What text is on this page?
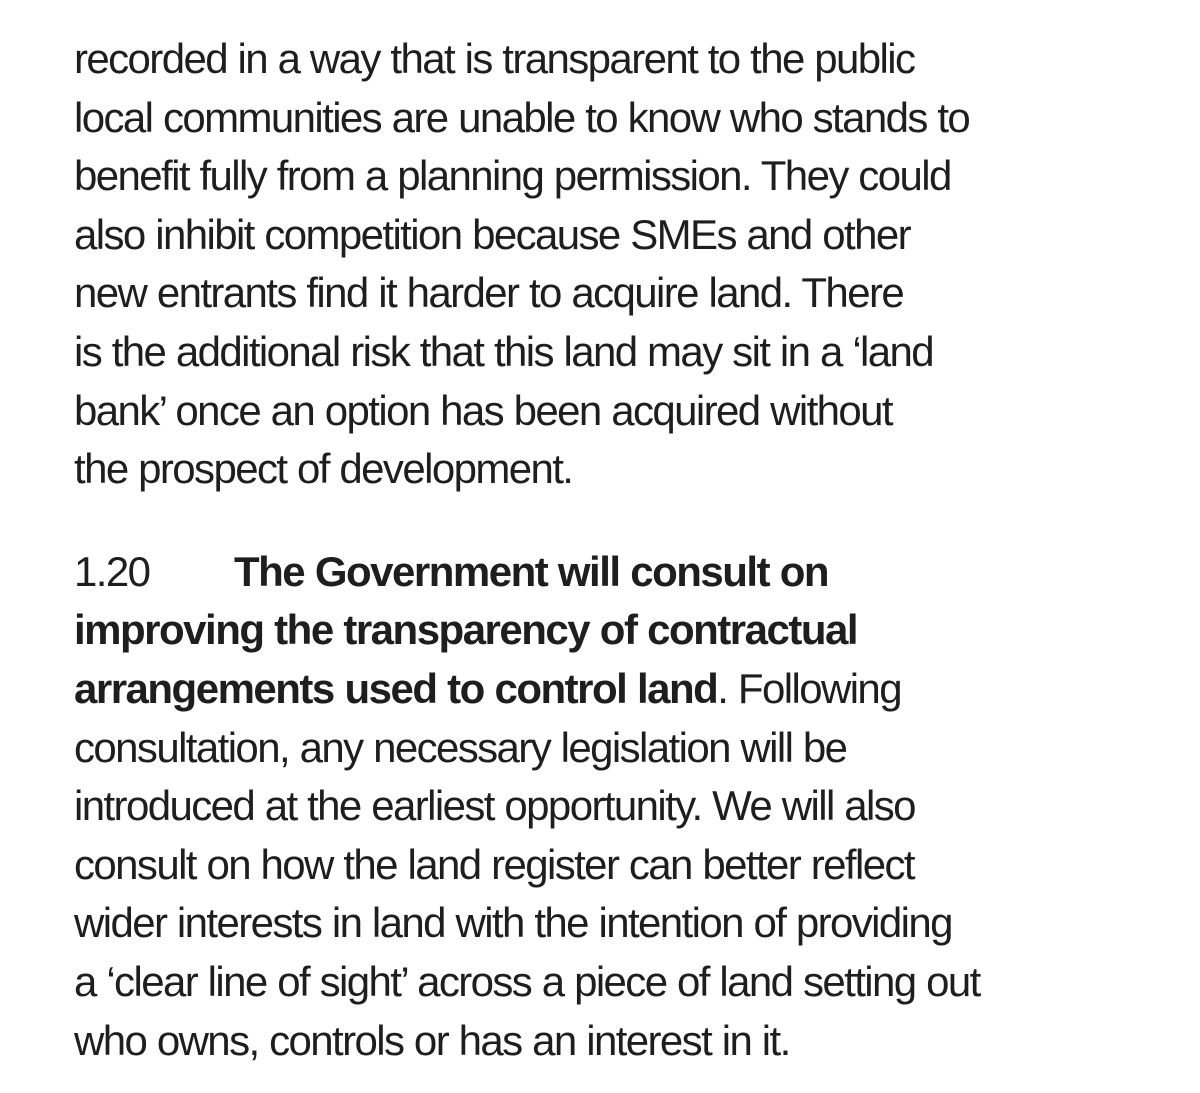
recorded in a way that is transparent to the public
local communities are unable to know who stands to
benefit fully from a planning permission. They could
also inhibit competition because SMEs and other
new entrants find it harder to acquire land. There
is the additional risk that this land may sit in a ‘land
bank’ once an option has been acquired without
the prospect of development.
1.20 The Government will consult on
improving the transparency of contractual
arrangements used to control land. Following
consultation, any necessary legislation will be
introduced at the earliest opportunity. We will also
consult on how the land register can better reflect
wider interests in land with the intention of providing
a ‘clear line of sight’ across a piece of land setting out
who owns, controls or has an interest in it.
